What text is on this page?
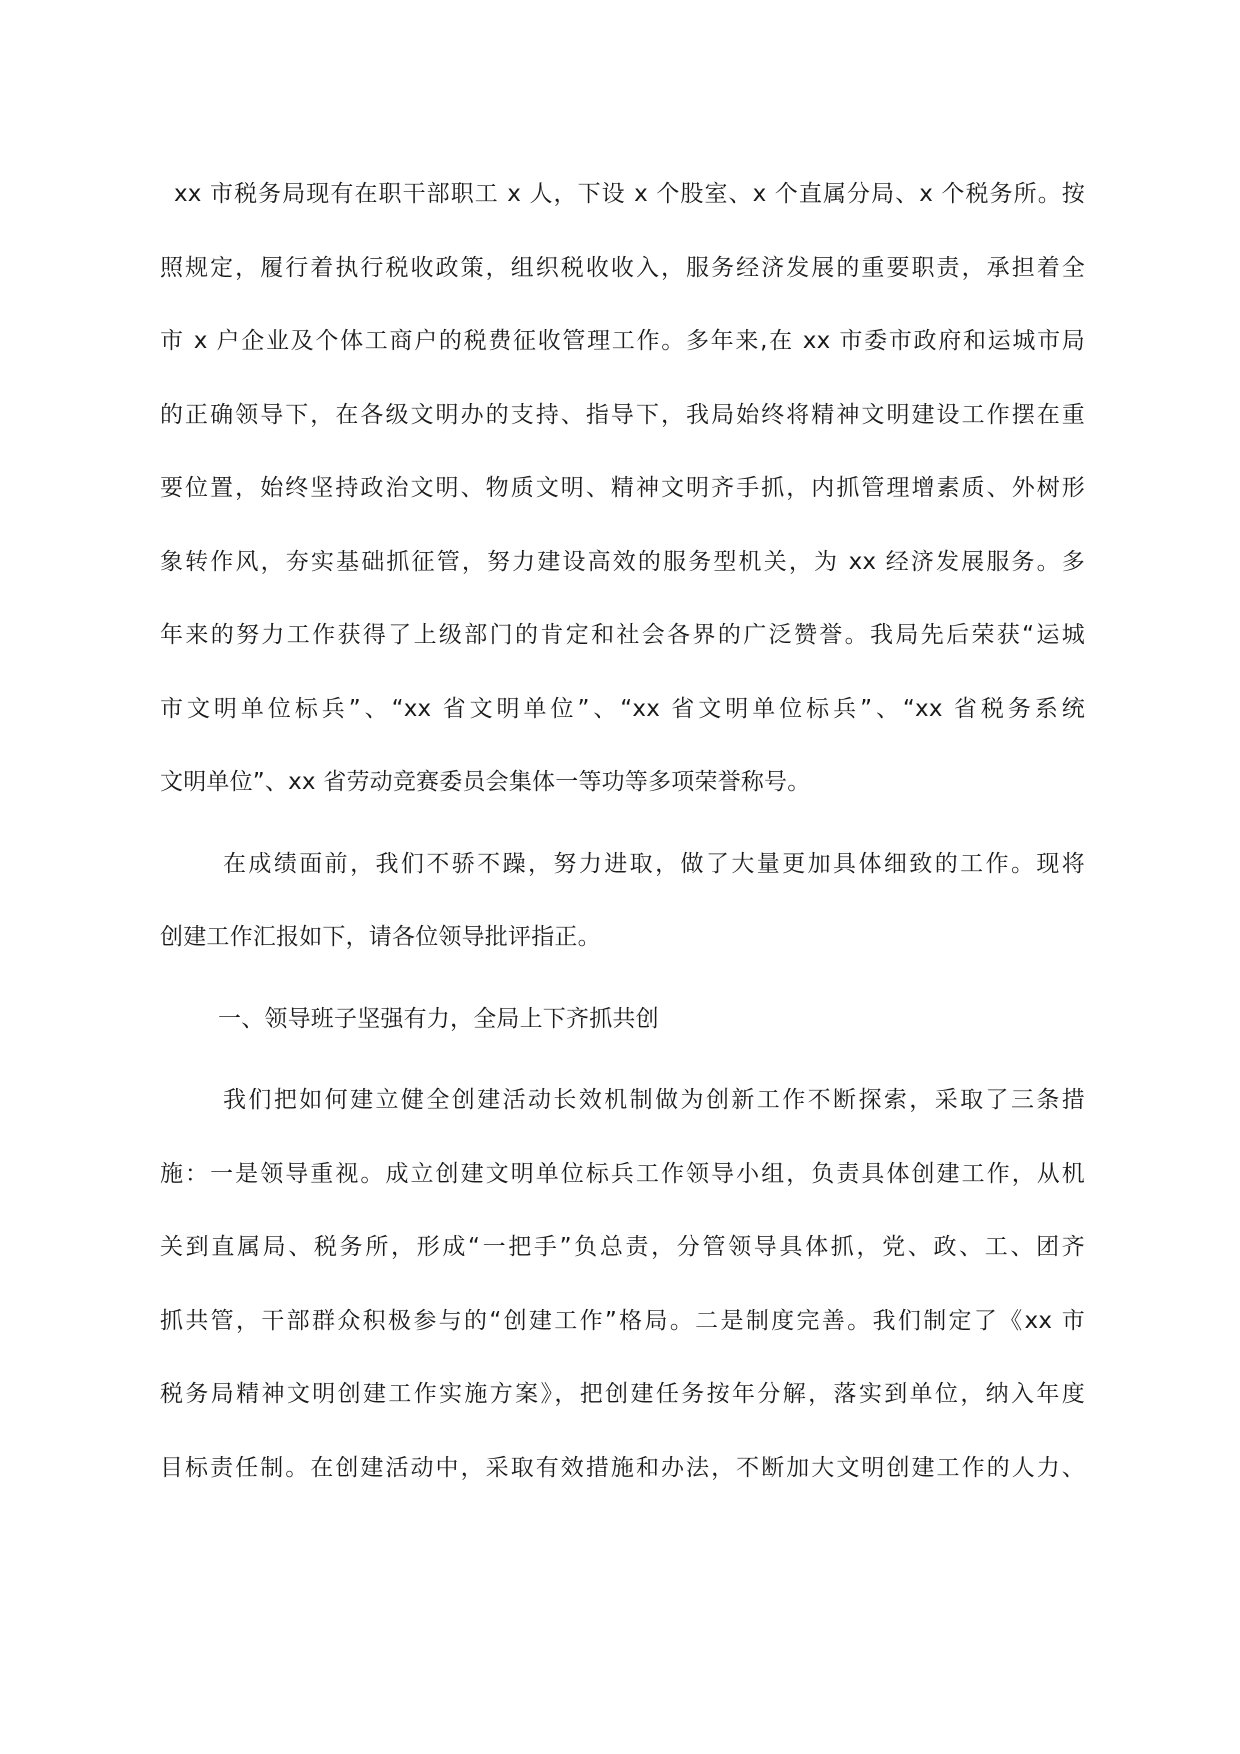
xx 市税务局现有在职干部职工 x 人，下设 x 个股室、x 个直属分局、x 个税务所。按
照规定，履行着执行税收政策，组织税收收入，服务经济发展的重要职责，承担着全
市 x 户企业及个体工商户的税费征收管理工作。多年来,在 xx 市委市政府和运城市局
的正确领导下，在各级文明办的支持、指导下，我局始终将精神文明建设工作摆在重
要位置，始终坚持政治文明、物质文明、精神文明齐手抓，内抓管理增素质、外树形
象转作风，夯实基础抓征管，努力建设高效的服务型机关，为 xx 经济发展服务。多
年来的努力工作获得了上级部门的肯定和社会各界的广泛赞誉。我局先后荣获“运城
市文明单位标兵”、“xx 省文明单位”、“xx 省文明单位标兵”、“xx 省税务系统
文明单位”、xx 省劳动竞赛委员会集体一等功等多项荣誉称号。
在成绩面前，我们不骄不躁，努力进取，做了大量更加具体细致的工作。现将
创建工作汇报如下，请各位领导批评指正。
一、领导班子坚强有力，全局上下齐抓共创
我们把如何建立健全创建活动长效机制做为创新工作不断探索，采取了三条措
施：一是领导重视。成立创建文明单位标兵工作领导小组，负责具体创建工作，从机
关到直属局、税务所，形成“一把手”负总责，分管领导具体抓，党、政、工、团齐
抓共管，干部群众积极参与的“创建工作”格局。二是制度完善。我们制定了《xx 市
税务局精神文明创建工作实施方案》，把创建任务按年分解，落实到单位，纳入年度
目标责任制。在创建活动中，采取有效措施和办法，不断加大文明创建工作的人力、
